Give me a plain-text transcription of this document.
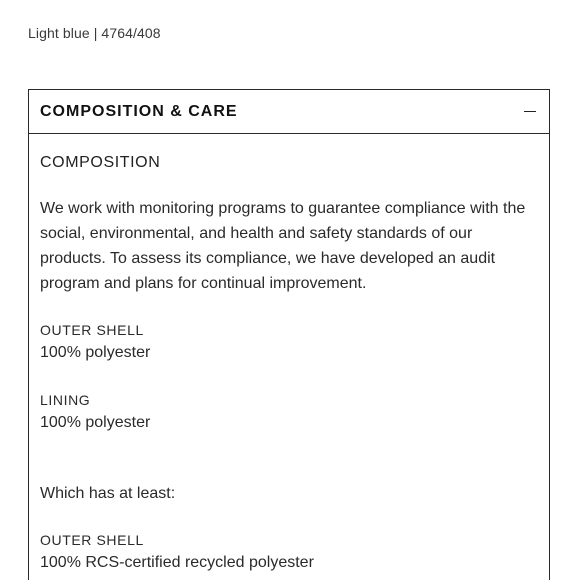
Light blue | 4764/408
COMPOSITION & CARE
COMPOSITION
We work with monitoring programs to guarantee compliance with the social, environmental, and health and safety standards of our products. To assess its compliance, we have developed an audit program and plans for continual improvement.
OUTER SHELL
100% polyester
LINING
100% polyester
Which has at least:
OUTER SHELL
100% RCS-certified recycled polyester
